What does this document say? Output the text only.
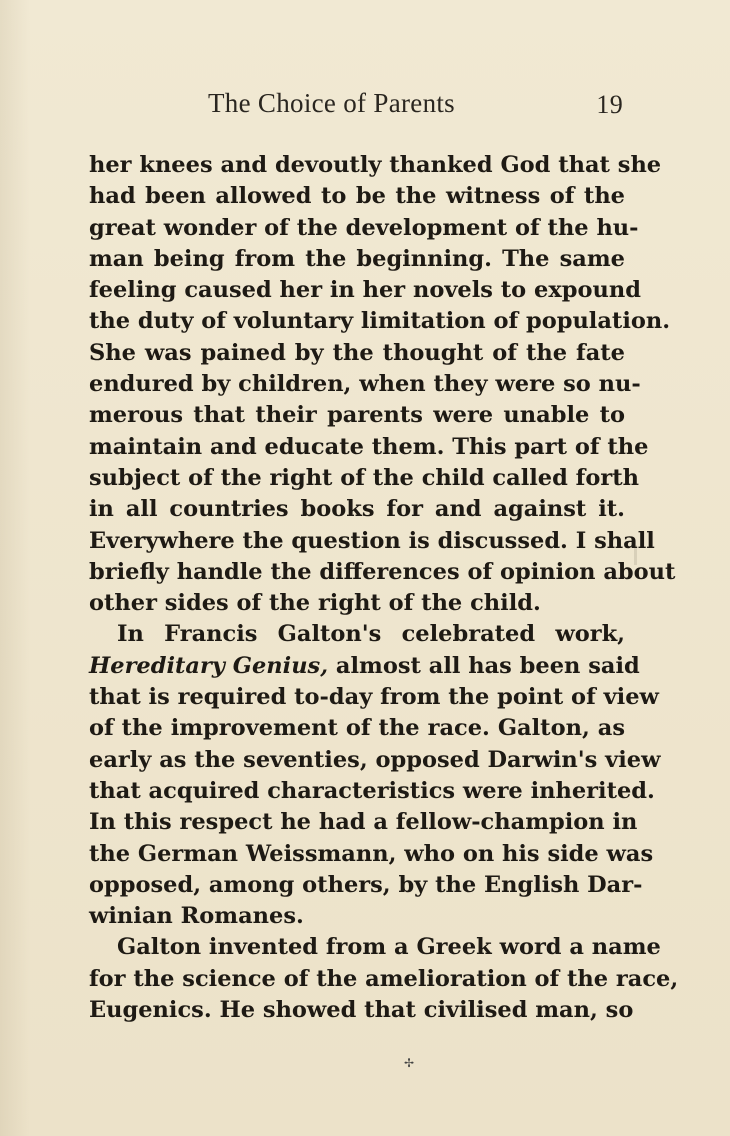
The Choice of Parents	19
her knees and devoutly thanked God that she
had been allowed to be the witness of the
great wonder of the development of the hu-
man being from the beginning. The same
feeling caused her in her novels to expound
the duty of voluntary limitation of population.
She was pained by the thought of the fate
endured by children, when they were so nu-
merous that their parents were unable to
maintain and educate them. This part of the
subject of the right of the child called forth
in all countries books for and against it.
Everywhere the question is discussed. I shall
briefly handle the differences of opinion about
other sides of the right of the child.
In Francis Galton's celebrated work,
Hereditary Genius, almost all has been said
that is required to-day from the point of view
of the improvement of the race. Galton, as
early as the seventies, opposed Darwin's view
that acquired characteristics were inherited.
In this respect he had a fellow-champion in
the German Weissmann, who on his side was
opposed, among others, by the English Dar-
winian Romanes.
Galton invented from a Greek word a name
for the science of the amelioration of the race,
Eugenics. He showed that civilised man, so
✢
